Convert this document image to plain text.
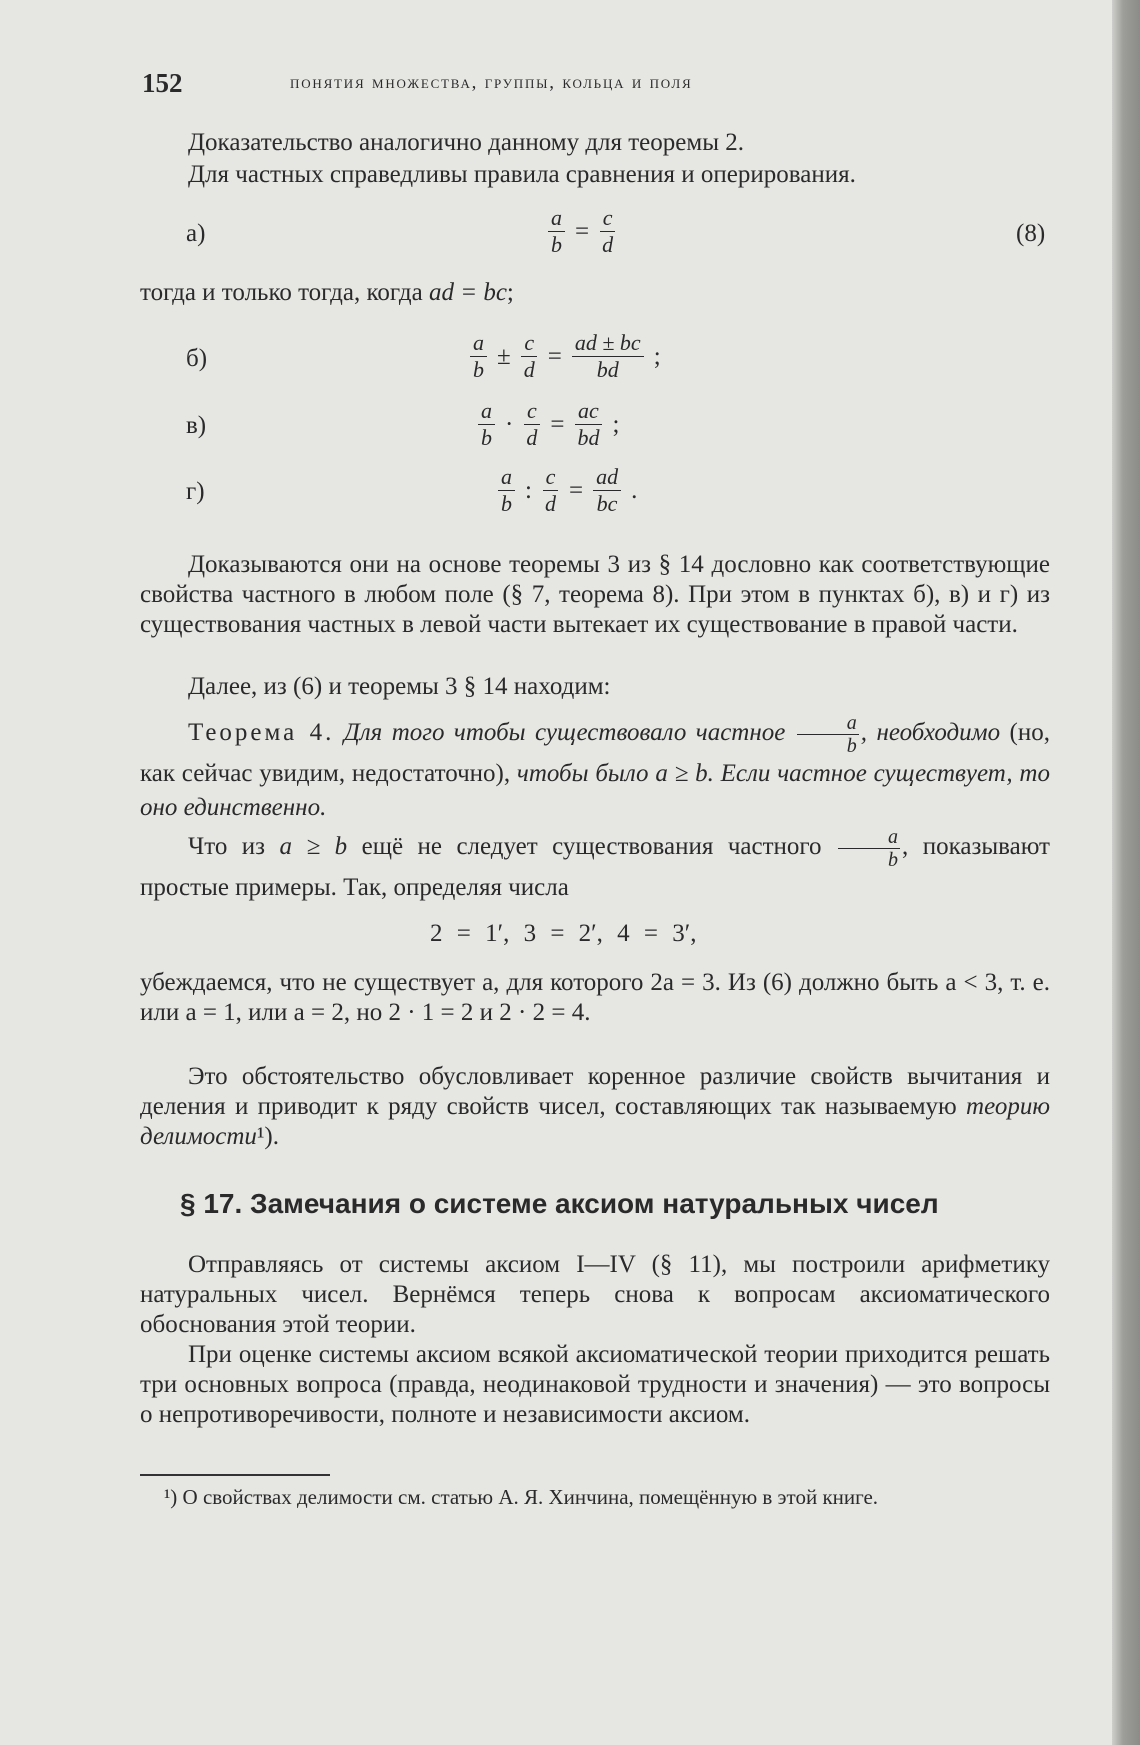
152	понятия множества, группы, кольца и поля

Доказательство аналогично данному для теоремы 2.

Для частных справедливы правила сравнения и оперирования.

а)	$\frac{a}{b} = \frac{c}{d}$	(8)

тогда и только тогда, когда ad = bc;

б)	$\frac{a}{b} \pm \frac{c}{d} = \frac{ad \pm bc}{bd}$ ;
в)	$\frac{a}{b} \cdot \frac{c}{d} = \frac{ac}{bd}$ ;
г)	$\frac{a}{b}$ : $\frac{c}{d} = \frac{ad}{bc}$ .

Доказываются они на основе теоремы 3 из § 14 дословно как соответствующие свойства частного в любом поле (§ 7, теорема 8). При этом в пунктах б), в) и г) из существования частных в левой части вытекает их существование в правой части.

Далее, из (6) и теоремы 3 § 14 находим:

Теорема 4. Для того чтобы существовало частное $\frac{a}{b}$ , необходимо (но, как сейчас увидим, недостаточно), чтобы было a ≥ b. Если частное существует, то оно единственно.

Что из a ≥ b ещё не следует существования частного $\frac{a}{b}$ , показывают простые примеры. Так, определяя числа

2 = 1′, 3 = 2′, 4 = 3′,

убеждаемся, что не существует a, для которого 2a = 3. Из (6) должно быть a < 3, т. е. или a = 1, или a = 2, но 2 · 1 = 2 и 2 · 2 = 4.

Это обстоятельство обусловливает коренное различие свойств вычитания и деления и приводит к ряду свойств чисел, составляющих так называемую теорию делимости¹).

§ 17. Замечания о системе аксиом натуральных чисел

Отправляясь от системы аксиом I—IV (§ 11), мы построили арифметику натуральных чисел. Вернёмся теперь снова к вопросам аксиоматического обоснования этой теории.

При оценке системы аксиом всякой аксиоматической теории приходится решать три основных вопроса (правда, неодинаковой трудности и значения) — это вопросы о непротиворечивости, полноте и независимости аксиом.

¹) О свойствах делимости см. статью А. Я. Хинчина, помещённую в этой книге.
